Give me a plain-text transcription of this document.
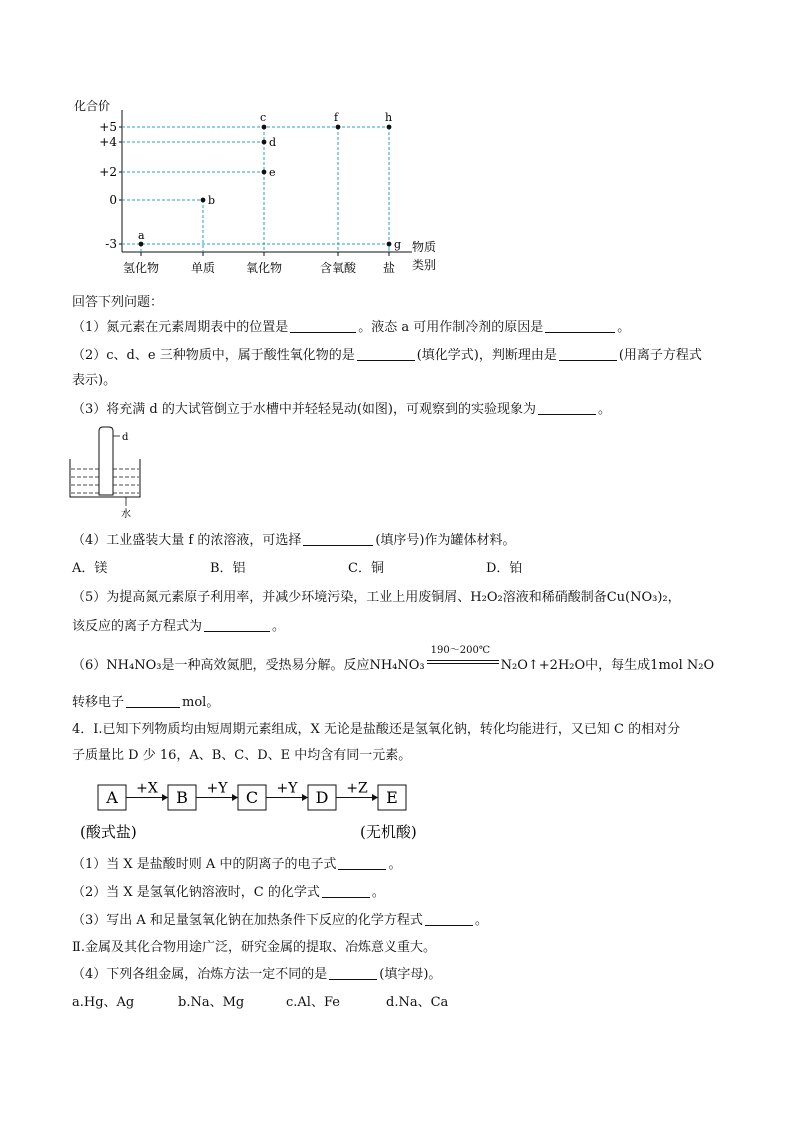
化合价
+5
+4
+2
0
-3
氢化物	单质	氧化物	含氧酸 盐
a
b
c
d
e
f	h
g 物质
类别
回答下列问题：
（1）氮元素在元素周期表中的位置是	。液态 a 可用作制冷剂的原因是	。
（2）c、d、e 三种物质中，属于酸性氧化物的是	(填化学式)，判断理由是	(用离子方程式
表示)。
（3）将充满 d 的大试管倒立于水槽中并轻轻晃动(如图)，可观察到的实验现象为	。
d
水
（4）工业盛装大量 f 的浓溶液，可选择	(填序号)作为罐体材料。
A．镁	B．铝	C．铜	D．铂
（5）为提高氮元素原子利用率，并减少环境污染，工业上用废铜屑、H₂O₂溶液和稀硝酸制备Cu(NO₃)₂，
该反应的离子方程式为	。
（6）NH₄NO₃是一种高效氮肥，受热易分解。反应NH₄NO₃
190～200℃
N₂O↑+2H₂O中，每生成1mol N₂O
转移电子	mol。
4．Ⅰ.已知下列物质均由短周期元素组成，X 无论是盐酸还是氢氧化钠，转化均能进行，又已知 C 的相对分
子质量比 D 少 16，A、B、C、D、E 中均含有同一元素。
A	B	C	D	E
+X	+Y	+Y	+Z
(酸式盐)	(无机酸)
（1）当 X 是盐酸时则 A 中的阴离子的电子式	。
（2）当 X 是氢氧化钠溶液时，C 的化学式	。
（3）写出 A 和足量氢氧化钠在加热条件下反应的化学方程式	。
Ⅱ.金属及其化合物用途广泛，研究金属的提取、冶炼意义重大。
（4）下列各组金属，冶炼方法一定不同的是	(填字母)。
a.Hg、Ag	b.Na、Mg	c.Al、Fe	d.Na、Ca
